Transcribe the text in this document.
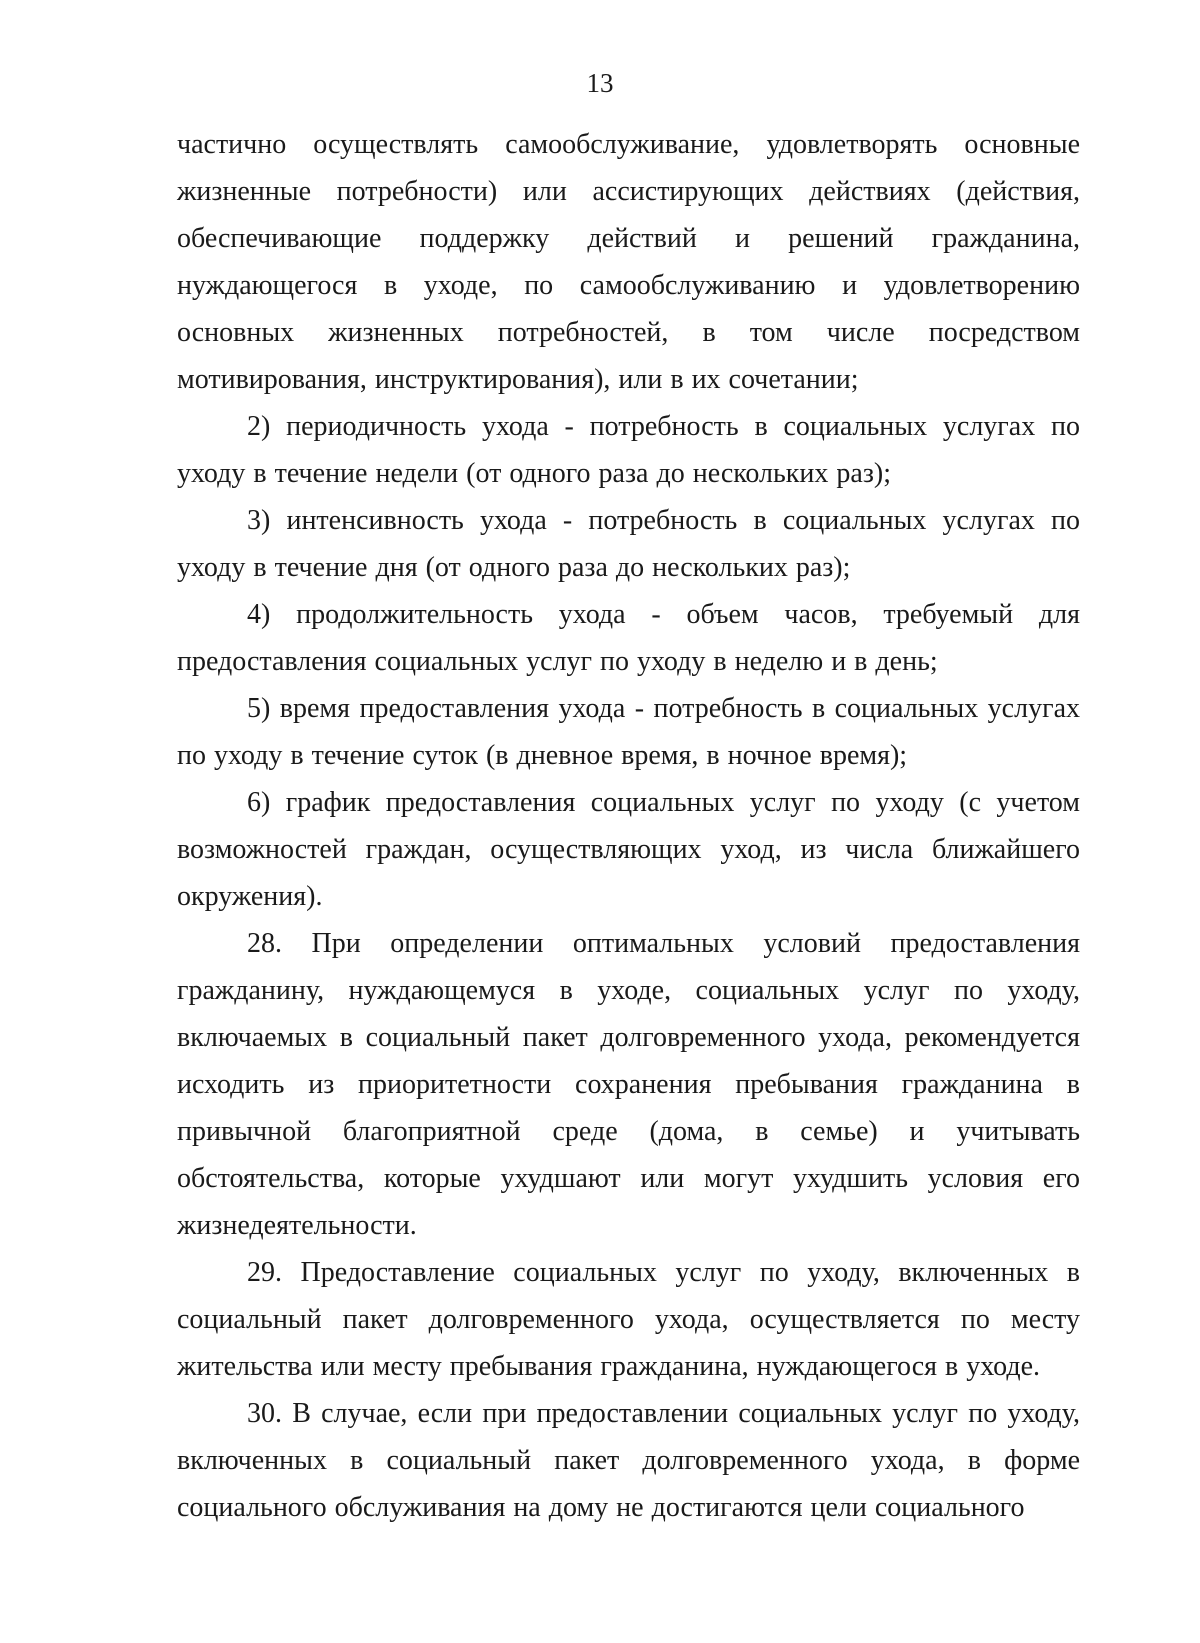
13

частично осуществлять самообслуживание, удовлетворять основные жизненные потребности) или ассистирующих действиях (действия, обеспечивающие поддержку действий и решений гражданина, нуждающегося в уходе, по самообслуживанию и удовлетворению основных жизненных потребностей, в том числе посредством мотивирования, инструктирования), или в их сочетании;

2) периодичность ухода - потребность в социальных услугах по уходу в течение недели (от одного раза до нескольких раз);

3) интенсивность ухода - потребность в социальных услугах по уходу в течение дня (от одного раза до нескольких раз);

4) продолжительность ухода - объем часов, требуемый для предоставления социальных услуг по уходу в неделю и в день;

5) время предоставления ухода - потребность в социальных услугах по уходу в течение суток (в дневное время, в ночное время);

6) график предоставления социальных услуг по уходу (с учетом возможностей граждан, осуществляющих уход, из числа ближайшего окружения).

28. При определении оптимальных условий предоставления гражданину, нуждающемуся в уходе, социальных услуг по уходу, включаемых в социальный пакет долговременного ухода, рекомендуется исходить из приоритетности сохранения пребывания гражданина в привычной благоприятной среде (дома, в семье) и учитывать обстоятельства, которые ухудшают или могут ухудшить условия его жизнедеятельности.

29. Предоставление социальных услуг по уходу, включенных в социальный пакет долговременного ухода, осуществляется по месту жительства или месту пребывания гражданина, нуждающегося в уходе.

30. В случае, если при предоставлении социальных услуг по уходу, включенных в социальный пакет долговременного ухода, в форме социального обслуживания на дому не достигаются цели социального
